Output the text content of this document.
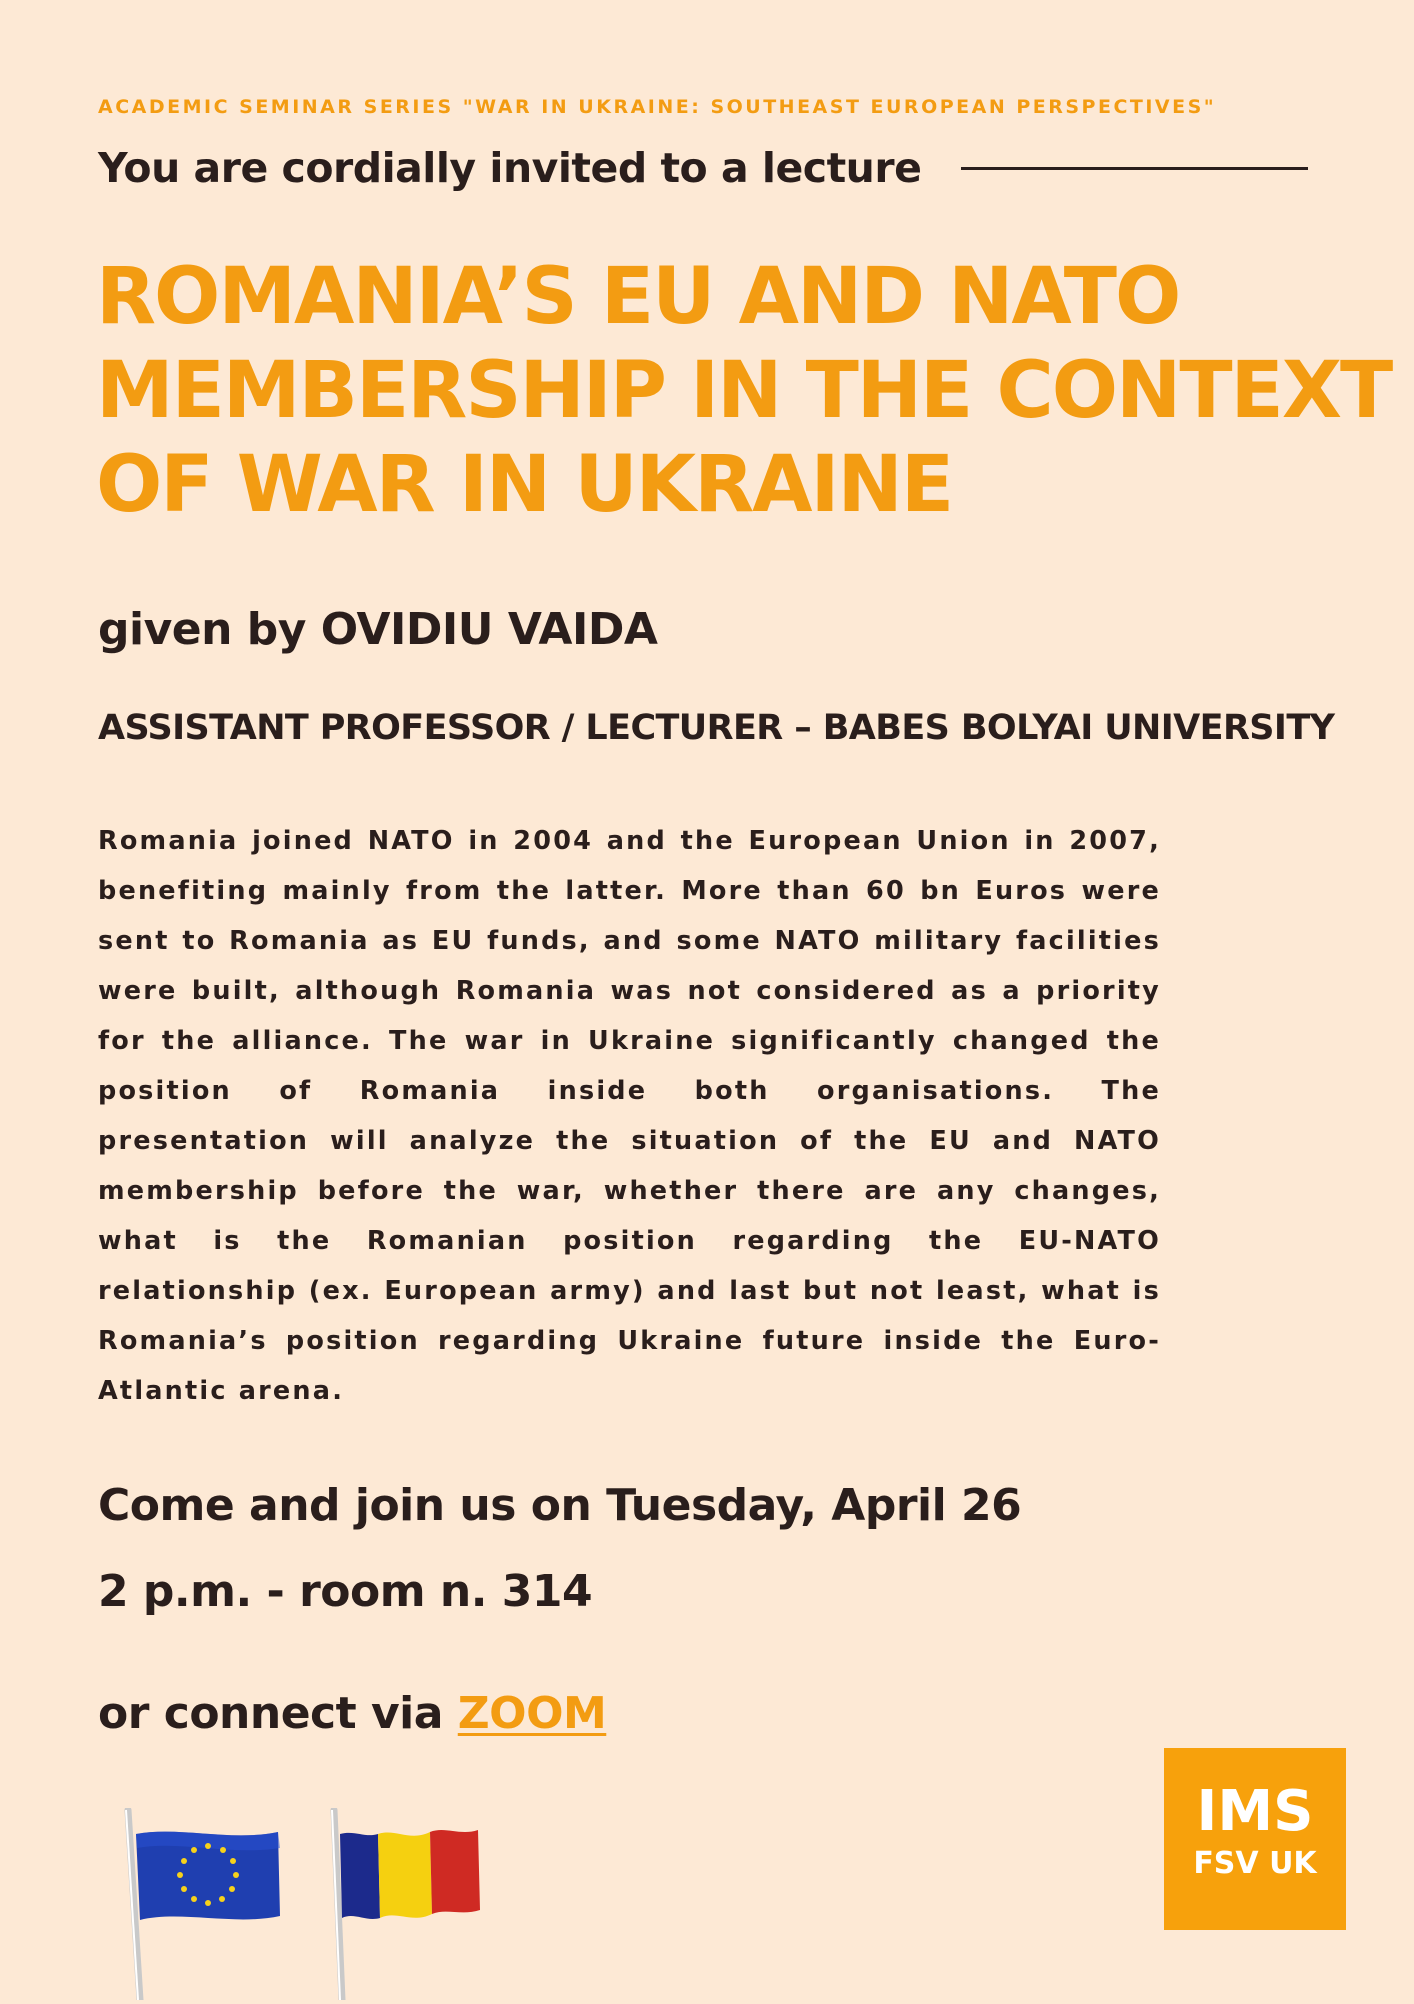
ACADEMIC SEMINAR SERIES "WAR IN UKRAINE: SOUTHEAST EUROPEAN PERSPECTIVES"
You are cordially invited to a lecture
ROMANIA’S EU AND NATO
MEMBERSHIP IN THE CONTEXT
OF WAR IN UKRAINE
given by OVIDIU VAIDA
ASSISTANT PROFESSOR / LECTURER – BABES BOLYAI UNIVERSITY

Romania joined NATO in 2004 and the European Union in 2007, benefiting mainly from the latter. More than 60 bn Euros were sent to Romania as EU funds, and some NATO military facilities were built, although Romania was not considered as a priority for the alliance. The war in Ukraine significantly changed the position of Romania inside both organisations. The presentation will analyze the situation of the EU and NATO membership before the war, whether there are any changes, what is the Romanian position regarding the EU-NATO relationship (ex. European army) and last but not least, what is Romania’s position regarding Ukraine future inside the Euro-Atlantic arena.

Come and join us on Tuesday, April 26
2 p.m. - room n. 314
or connect via ZOOM
IMS
FSV UK
